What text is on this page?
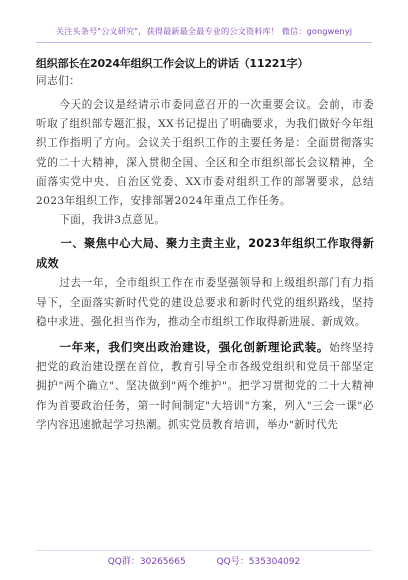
关注头条号"公文研究"，获得最新最全最专业的公文资料库！ 微信：gongwenyj
组织部长在2024年组织工作会议上的讲话（11221字）
同志们：

今天的会议是经请示市委同意召开的一次重要会议。会前，市委听取了组织部专题汇报，XX书记提出了明确要求，为我们做好今年组织工作指明了方向。会议关于组织工作的主要任务是：全面贯彻落实党的二十大精神，深入贯彻全国、全区和全市组织部长会议精神，全面落实党中央、自治区党委、XX市委对组织工作的部署要求，总结2023年组织工作，安排部署2024年重点工作任务。

下面，我讲3点意见。

一、聚焦中心大局、聚力主责主业，2023年组织工作取得新成效

过去一年，全市组织工作在市委坚强领导和上级组织部门有力指导下，全面落实新时代党的建设总要求和新时代党的组织路线，坚持稳中求进、强化担当作为，推动全市组织工作取得新进展、新成效。

一年来，我们突出政治建设，强化创新理论武装。始终坚持把党的政治建设摆在首位，教育引导全市各级党组织和党员干部坚定拥护"两个确立"、坚决做到"两个维护"。把学习贯彻党的二十大精神作为首要政治任务，第一时间制定"大培训"方案，列入"三会一课"必学内容迅速掀起学习热潮。抓实党员教育培训，举办"新时代先

QQ群：30265665	QQ号：535304092
